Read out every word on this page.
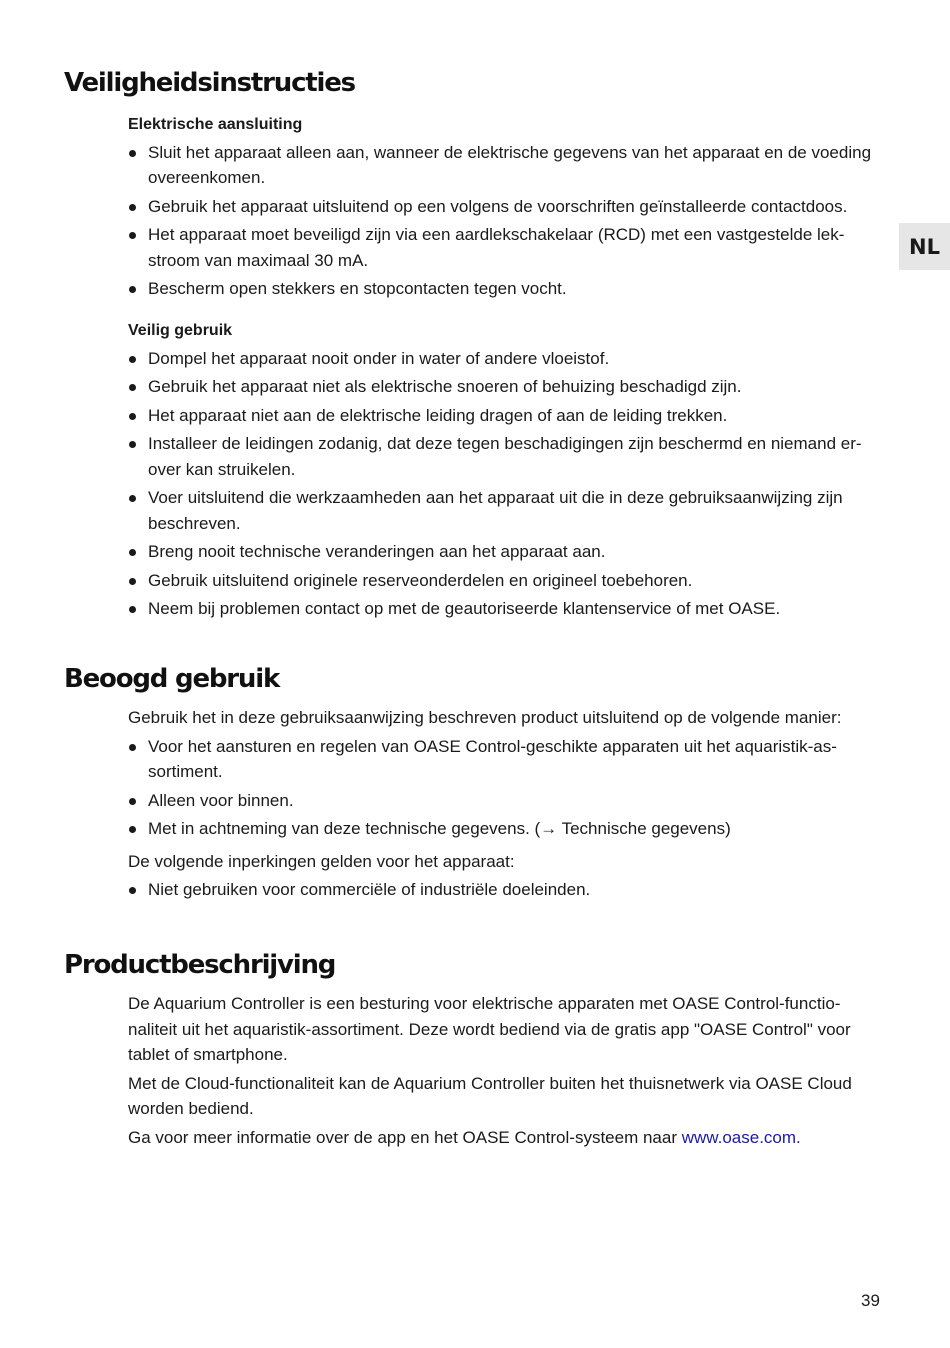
NL
Veiligheidsinstructies
Elektrische aansluiting
Sluit het apparaat alleen aan, wanneer de elektrische gegevens van het apparaat en de voeding overeenkomen.
Gebruik het apparaat uitsluitend op een volgens de voorschriften geïnstalleerde contactdoos.
Het apparaat moet beveiligd zijn via een aardlekschakelaar (RCD) met een vastgestelde lek-stroom van maximaal 30 mA.
Bescherm open stekkers en stopcontacten tegen vocht.
Veilig gebruik
Dompel het apparaat nooit onder in water of andere vloeistof.
Gebruik het apparaat niet als elektrische snoeren of behuizing beschadigd zijn.
Het apparaat niet aan de elektrische leiding dragen of aan de leiding trekken.
Installeer de leidingen zodanig, dat deze tegen beschadigingen zijn beschermd en niemand er-over kan struikelen.
Voer uitsluitend die werkzaamheden aan het apparaat uit die in deze gebruiksaanwijzing zijn beschreven.
Breng nooit technische veranderingen aan het apparaat aan.
Gebruik uitsluitend originele reserveonderdelen en origineel toebehoren.
Neem bij problemen contact op met de geautoriseerde klantenservice of met OASE.
Beoogd gebruik

Gebruik het in deze gebruiksaanwijzing beschreven product uitsluitend op de volgende manier:

Voor het aansturen en regelen van OASE Control-geschikte apparaten uit het aquaristik-as-sortiment.
Alleen voor binnen.
Met in achtneming van deze technische gegevens. (→ Technische gegevens)

De volgende inperkingen gelden voor het apparaat:

Niet gebruiken voor commerciële of industriële doeleinden.
Productbeschrijving

De Aquarium Controller is een besturing voor elektrische apparaten met OASE Control-functio-naliteit uit het aquaristik-assortiment. Deze wordt bediend via de gratis app "OASE Control" voor tablet of smartphone.

Met de Cloud-functionaliteit kan de Aquarium Controller buiten het thuisnetwerk via OASE Cloud worden bediend.

Ga voor meer informatie over de app en het OASE Control-systeem naar www.oase.com.

39
